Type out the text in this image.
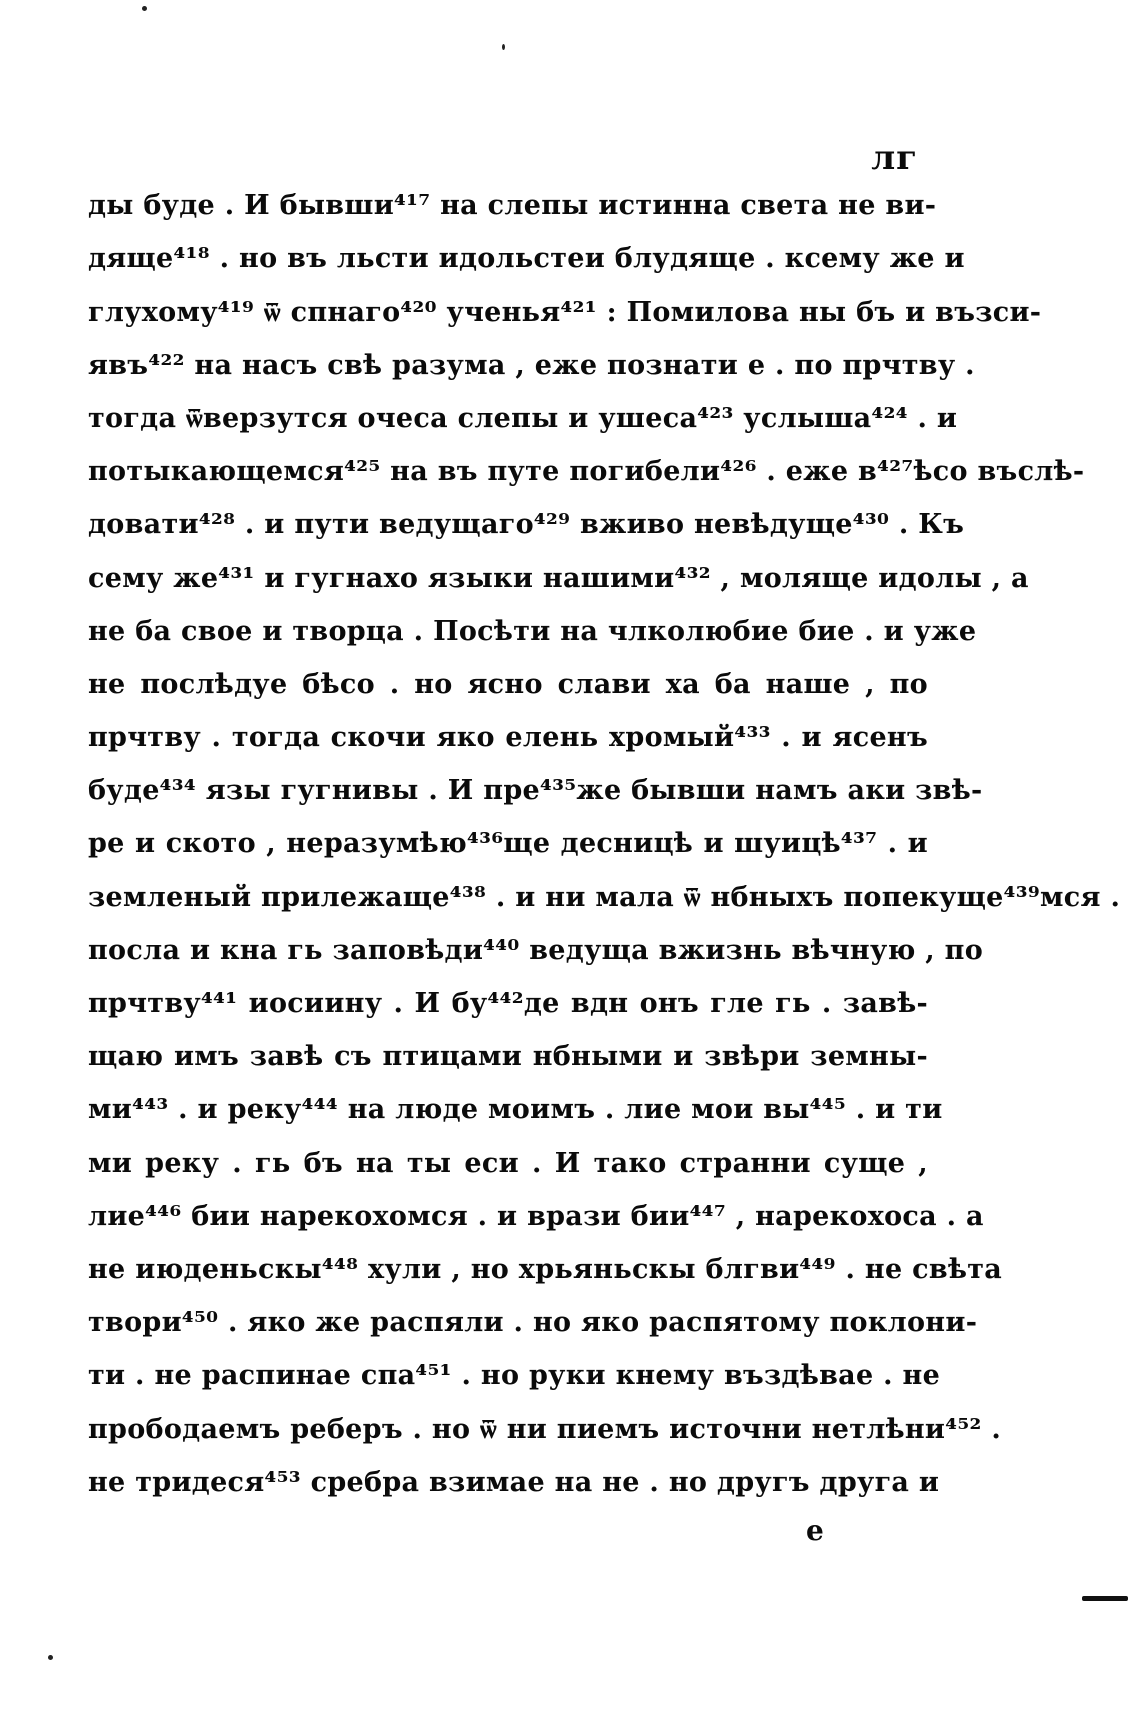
лг
ды буде . И бывши⁴¹⁷ на слепы истинна света не ви-
дяще⁴¹⁸ . но въ льсти идольстеи блудяще . ксему же и
глухому⁴¹⁹ ѿ спнаго⁴²⁰ ученья⁴²¹ : Помилова ны бъ и възси-
явъ⁴²² на насъ свѣ разума , еже познати е . по прчтву .
тогда ѿверзутся очеса слепы и ушеса⁴²³ услыша⁴²⁴ . и
потыкающемся⁴²⁵ на въ путе погибели⁴²⁶ . еже в⁴²⁷ѣсо въслѣ-
довати⁴²⁸ . и пути ведущаго⁴²⁹ вживо невѣдуще⁴³⁰ . Къ
сему же⁴³¹ и гугнахо языки нашими⁴³² , моляще идолы , а
не ба свое и творца . Посѣти на члколюбие бие . и уже
не послѣдуе бѣсо . но ясно слави ха ба наше , по
прчтву . тогда скочи яко елень хромый⁴³³ . и ясенъ
буде⁴³⁴ язы гугнивы . И пре⁴³⁵же бывши намъ аки звѣ-
ре и ското , неразумѣю⁴³⁶ще десницѣ и шуицѣ⁴³⁷ . и
земленый прилежаще⁴³⁸ . и ни мала ѿ нбныхъ попекуще⁴³⁹мся .
посла и кна гь заповѣди⁴⁴⁰ ведуща вжизнь вѣчную , по
прчтву⁴⁴¹ иосиину . И бу⁴⁴²де вдн онъ гле гь . завѣ-
щаю имъ завѣ съ птицами нбными и звѣри земны-
ми⁴⁴³ . и реку⁴⁴⁴ на люде моимъ . лие мои вы⁴⁴⁵ . и ти
ми реку . гь бъ на ты еси . И тако странни суще ,
лие⁴⁴⁶ бии нарекохомся . и врази бии⁴⁴⁷ , нарекохоса . а
не июденьскы⁴⁴⁸ хули , но хрьяньскы блгви⁴⁴⁹ . не свѣта
твори⁴⁵⁰ . яко же распяли . но яко распятому поклони-
ти . не распинае спа⁴⁵¹ . но руки кнему въздѣвае . не
прободаемъ реберъ . но ѿ ни пиемъ источни нетлѣни⁴⁵² .
не тридеся⁴⁵³ сребра взимае на не . но другъ друга и
е
